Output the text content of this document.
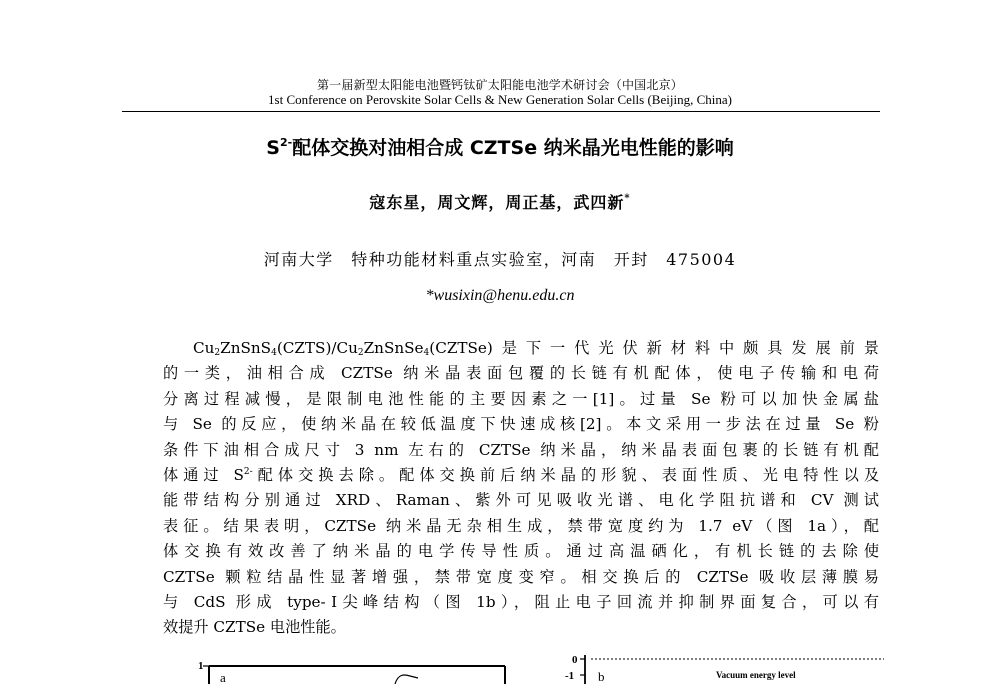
第一届新型太阳能电池暨钙钛矿太阳能电池学术研讨会（中国北京）
1st Conference on Perovskite Solar Cells & New Generation Solar Cells (Beijing, China)
$S^{2-}$配体交换对油相合成 CZTSe 纳米晶光电性能的影响
寇东星，周文辉，周正基，武四新*
河南大学　特种功能材料重点实验室，河南　开封　475004
*wusixin@henu.edu.cn
$Cu_2ZnSnS_4(CZTS)/Cu_2ZnSnSe_4(CZTSe)$是下一代光伏新材料中颇具发展前景
的一类，油相合成 CZTSe 纳米晶表面包覆的长链有机配体，使电子传输和电荷
分离过程减慢，是限制电池性能的主要因素之一[1]。过量 Se 粉可以加快金属盐
与 Se 的反应，使纳米晶在较低温度下快速成核[2]。本文采用一步法在过量 Se 粉
条件下油相合成尺寸 3 nm 左右的 CZTSe 纳米晶，纳米晶表面包裹的长链有机配
体通过 $S^{2-}$配体交换去除。配体交换前后纳米晶的形貌、表面性质、光电特性以及
能带结构分别通过 XRD、Raman、紫外可见吸收光谱、电化学阻抗谱和 CV 测试
表征。结果表明，CZTSe 纳米晶无杂相生成，禁带宽度约为 1.7 eV（图 1a），配
体交换有效改善了纳米晶的电学传导性质。通过高温硒化，有机长链的去除使
CZTSe 颗粒结晶性显著增强，禁带宽度变窄。相交换后的 CZTSe 吸收层薄膜易
与 CdS 形成 type-Ⅰ尖峰结构（图 1b），阻止电子回流并抑制界面复合，可以有
效提升 CZTSe 电池性能。
1
a
0
-1 b	Vacuum energy level
